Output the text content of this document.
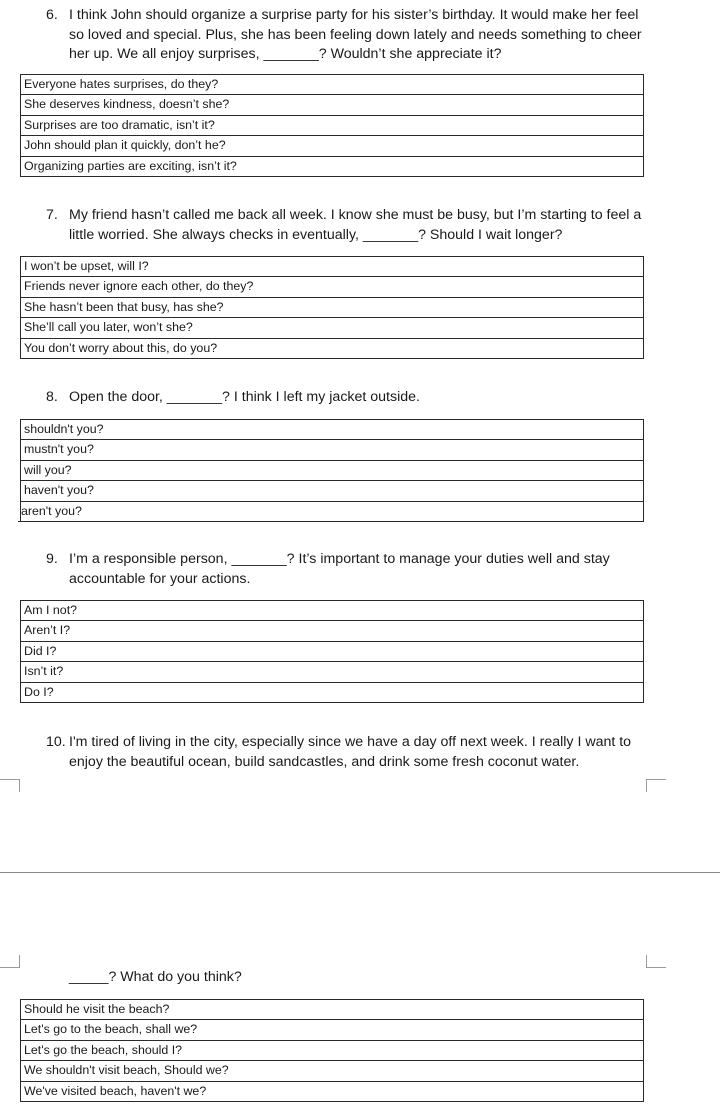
6. I think John should organize a surprise party for his sister’s birthday. It would make her feel so loved and special. Plus, she has been feeling down lately and needs something to cheer her up. We all enjoy surprises, _______? Wouldn’t she appreciate it?

Everyone hates surprises, do they?
She deserves kindness, doesn’t she?
Surprises are too dramatic, isn’t it?
John should plan it quickly, don’t he?
Organizing parties are exciting, isn’t it?

7. My friend hasn’t called me back all week. I know she must be busy, but I’m starting to feel a little worried. She always checks in eventually, _______? Should I wait longer?

I won’t be upset, will I?
Friends never ignore each other, do they?
She hasn’t been that busy, has she?
She’ll call you later, won’t she?
You don’t worry about this, do you?

8. Open the door, _______? I think I left my jacket outside.

shouldn't you?
mustn't you?
will you?
haven't you?
aren't you?

9. I’m a responsible person, _______? It’s important to manage your duties well and stay accountable for your actions.

Am I not?
Aren’t I?
Did I?
Isn’t it?
Do I?

10. I'm tired of living in the city, especially since we have a day off next week. I really I want to enjoy the beautiful ocean, build sandcastles, and drink some fresh coconut water.

_____? What do you think?

Should he visit the beach?
Let's go to the beach, shall we?
Let's go the beach, should I?
We shouldn't visit beach, Should we?
We've visited beach, haven't we?
